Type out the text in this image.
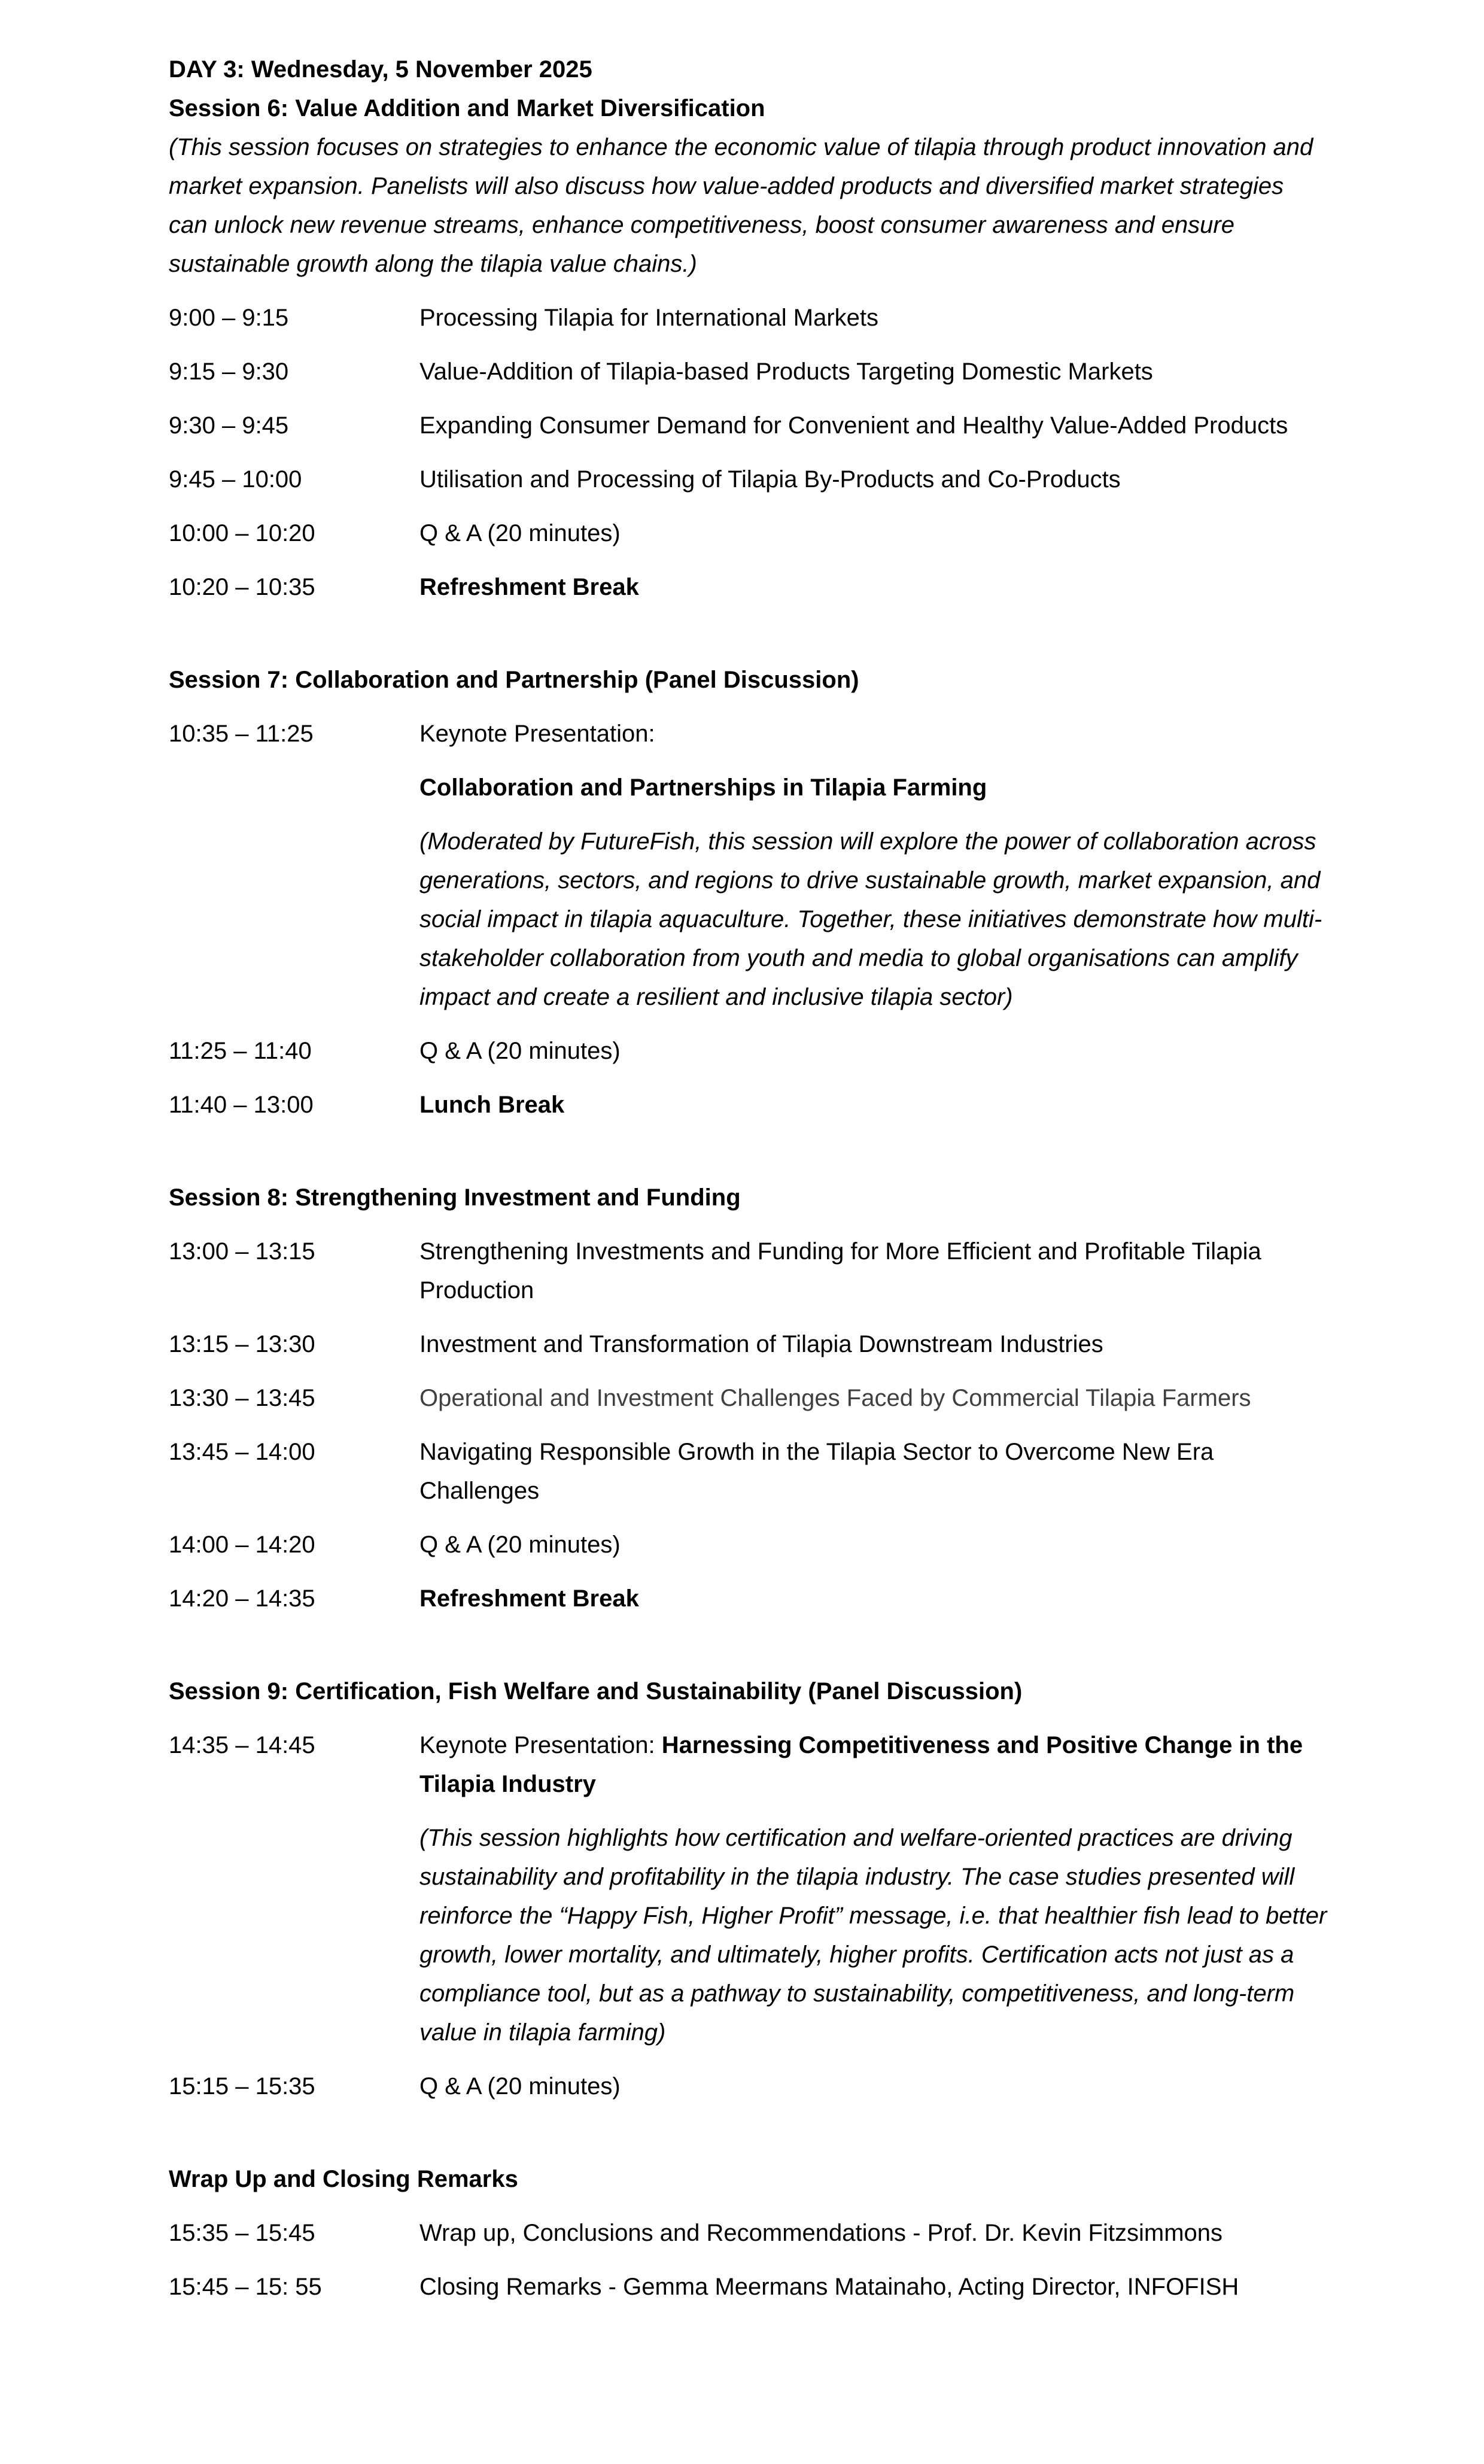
DAY 3: Wednesday, 5 November 2025
Session 6: Value Addition and Market Diversification

(This session focuses on strategies to enhance the economic value of tilapia through product innovation and market expansion. Panelists will also discuss how value-added products and diversified market strategies can unlock new revenue streams, enhance competitiveness, boost consumer awareness and ensure sustainable growth along the tilapia value chains.)

9:00 – 9:15	Processing Tilapia for International Markets
9:15 – 9:30	Value-Addition of Tilapia-based Products Targeting Domestic Markets
9:30 – 9:45	Expanding Consumer Demand for Convenient and Healthy Value-Added Products
9:45 – 10:00	Utilisation and Processing of Tilapia By-Products and Co-Products
10:00 – 10:20	Q & A (20 minutes)
10:20 – 10:35	Refreshment Break
Session 7: Collaboration and Partnership (Panel Discussion)
10:35 – 11:25	Keynote Presentation:
Collaboration and Partnerships in Tilapia Farming
(Moderated by FutureFish, this session will explore the power of collaboration across generations, sectors, and regions to drive sustainable growth, market expansion, and social impact in tilapia aquaculture. Together, these initiatives demonstrate how multi-stakeholder collaboration from youth and media to global organisations can amplify impact and create a resilient and inclusive tilapia sector)
11:25 – 11:40	Q & A (20 minutes)
11:40 – 13:00	Lunch Break
Session 8: Strengthening Investment and Funding
13:00 – 13:15	Strengthening Investments and Funding for More Efficient and Profitable Tilapia Production
13:15 – 13:30	Investment and Transformation of Tilapia Downstream Industries
13:30 – 13:45	Operational and Investment Challenges Faced by Commercial Tilapia Farmers
13:45 – 14:00	Navigating Responsible Growth in the Tilapia Sector to Overcome New Era Challenges
14:00 – 14:20	Q & A (20 minutes)
14:20 – 14:35	Refreshment Break
Session 9: Certification, Fish Welfare and Sustainability (Panel Discussion)
14:35 – 14:45	Keynote Presentation: Harnessing Competitiveness and Positive Change in the Tilapia Industry
(This session highlights how certification and welfare-oriented practices are driving sustainability and profitability in the tilapia industry. The case studies presented will reinforce the “Happy Fish, Higher Profit” message, i.e. that healthier fish lead to better growth, lower mortality, and ultimately, higher profits. Certification acts not just as a compliance tool, but as a pathway to sustainability, competitiveness, and long-term value in tilapia farming)
15:15 – 15:35	Q & A (20 minutes)
Wrap Up and Closing Remarks
15:35 – 15:45	Wrap up, Conclusions and Recommendations - Prof. Dr. Kevin Fitzsimmons
15:45 – 15: 55	Closing Remarks - Gemma Meermans Matainaho, Acting Director, INFOFISH
